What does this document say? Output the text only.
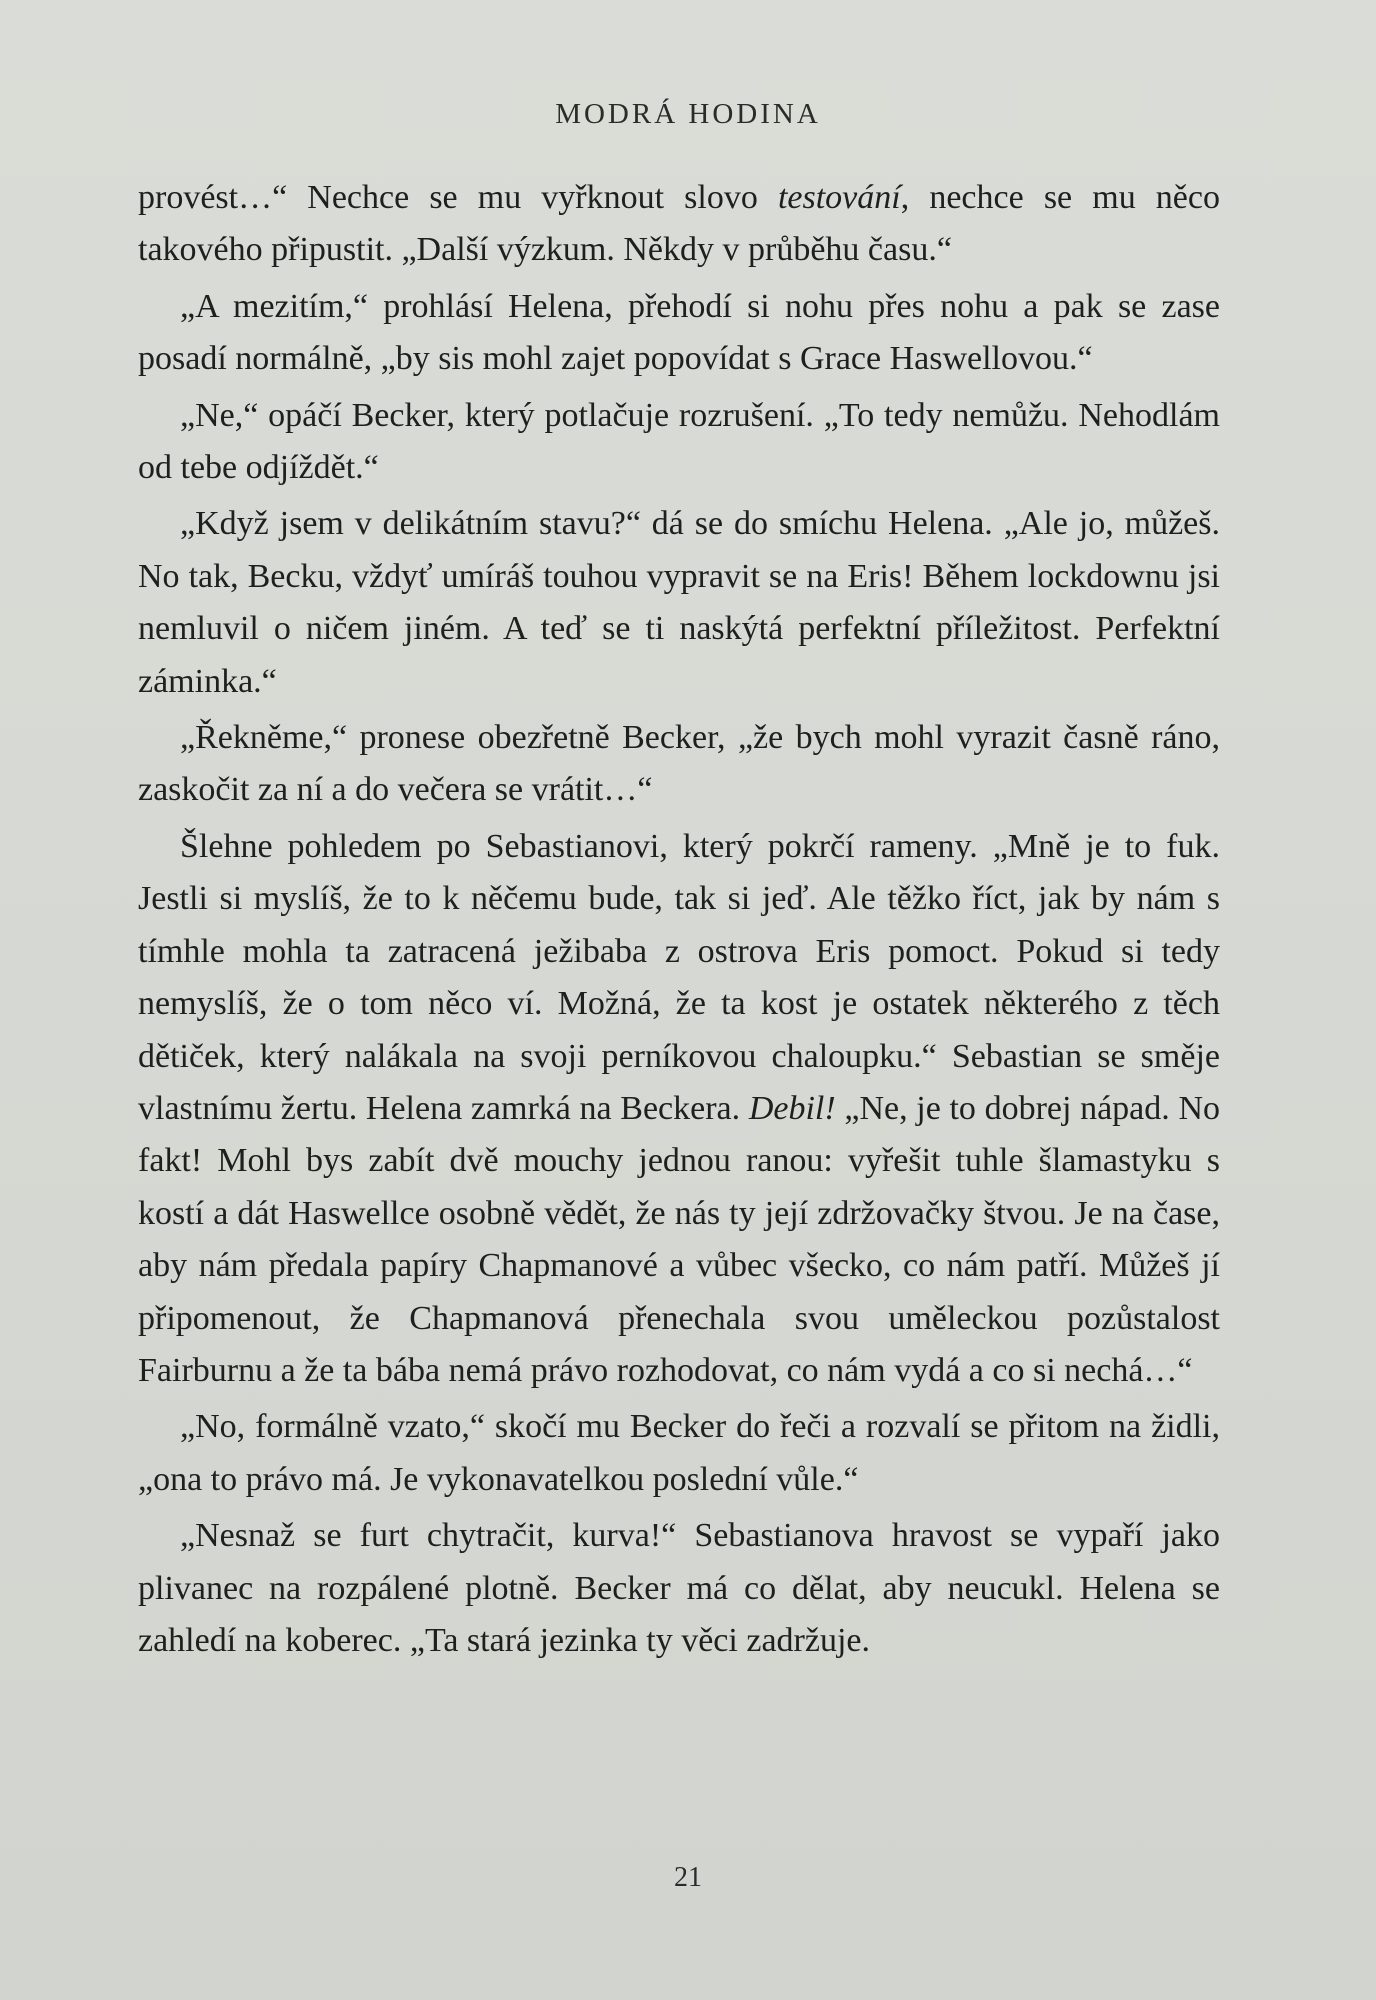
MODRÁ HODINA

provést…“ Nechce se mu vyřknout slovo testování, nechce se mu něco takového připustit. „Další výzkum. Někdy v průběhu času.“

„A mezitím,“ prohlásí Helena, přehodí si nohu přes nohu a pak se zase posadí normálně, „by sis mohl zajet popovídat s Grace Haswellovou.“

„Ne,“ opáčí Becker, který potlačuje rozrušení. „To tedy nemůžu. Nehodlám od tebe odjíždět.“

„Když jsem v delikátním stavu?“ dá se do smíchu Helena. „Ale jo, můžeš. No tak, Becku, vždyť umíráš touhou vypravit se na Eris! Během lockdownu jsi nemluvil o ničem jiném. A teď se ti naskýtá perfektní příležitost. Perfektní záminka.“

„Řekněme,“ pronese obezřetně Becker, „že bych mohl vyrazit časně ráno, zaskočit za ní a do večera se vrátit…“

Šlehne pohledem po Sebastianovi, který pokrčí rameny. „Mně je to fuk. Jestli si myslíš, že to k něčemu bude, tak si jeď. Ale těžko říct, jak by nám s tímhle mohla ta zatracená ježibaba z ostrova Eris pomoct. Pokud si tedy nemyslíš, že o tom něco ví. Možná, že ta kost je ostatek některého z těch dětiček, který nalákala na svoji perníkovou chaloupku.“ Sebastian se směje vlastnímu žertu. Helena zamrká na Beckera. Debil! „Ne, je to dobrej nápad. No fakt! Mohl bys zabít dvě mouchy jednou ranou: vyřešit tuhle šlamastyku s kostí a dát Haswellce osobně vědět, že nás ty její zdržovačky štvou. Je na čase, aby nám předala papíry Chapmanové a vůbec všecko, co nám patří. Můžeš jí připomenout, že Chapmanová přenechala svou uměleckou pozůstalost Fairburnu a že ta bába nemá právo rozhodovat, co nám vydá a co si nechá…“

„No, formálně vzato,“ skočí mu Becker do řeči a rozvalí se přitom na židli, „ona to právo má. Je vykonavatelkou poslední vůle.“

„Nesnaž se furt chytračit, kurva!“ Sebastianova hravost se vypaří jako plivanec na rozpálené plotně. Becker má co dělat, aby neucukl. Helena se zahledí na koberec. „Ta stará jezinka ty věci zadržuje.

21
